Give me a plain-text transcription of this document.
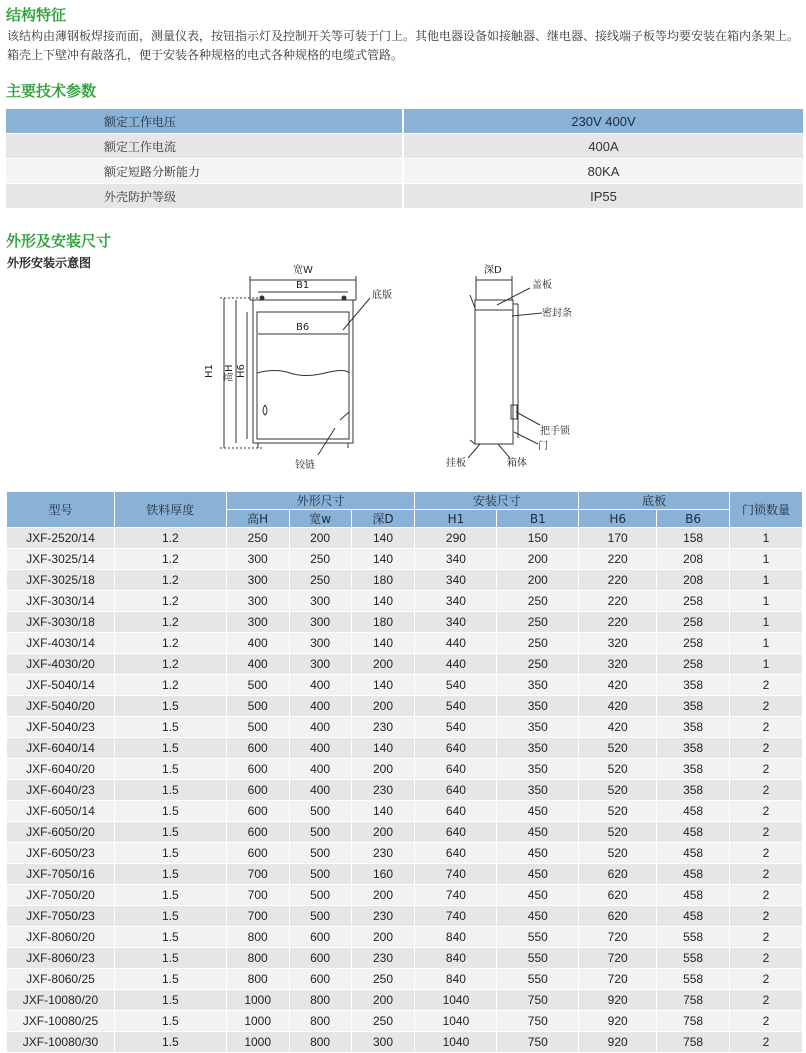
结构特征
该结构由薄钢板焊接而面，测量仪表，按钮指示灯及控制开关等可装于门上。其他电器设备如接触器、继电器、接线端子板等均要安装在箱内条架上。箱壳上下壁冲有敲落孔，便于安装各种规格的电式各种规格的电缆式管路。
主要技术参数
额定工作电压	230V 400V
额定工作电流	400A
额定短路分断能力	80KA
外壳防护等级	IP55
外形及安装尺寸
外形安装示意图
宽W
B1
B6
H1 高H H6
底版
铰链
深D
盖板
密封条
把手锁
门
挂板	箱体
型号	铁料厚度	外形尺寸			安装尺寸		底板		门锁数量
		高H	宽w	深D	H1	B1	H6	B6	
JXF-2520/14	1.2	250	200	140	290	150	170	158	1
JXF-3025/14	1.2	300	250	140	340	200	220	208	1
JXF-3025/18	1.2	300	250	180	340	200	220	208	1
JXF-3030/14	1.2	300	300	140	340	250	220	258	1
JXF-3030/18	1.2	300	300	180	340	250	220	258	1
JXF-4030/14	1.2	400	300	140	440	250	320	258	1
JXF-4030/20	1.2	400	300	200	440	250	320	258	1
JXF-5040/14	1.2	500	400	140	540	350	420	358	2
JXF-5040/20	1.5	500	400	200	540	350	420	358	2
JXF-5040/23	1.5	500	400	230	540	350	420	358	2
JXF-6040/14	1.5	600	400	140	640	350	520	358	2
JXF-6040/20	1.5	600	400	200	640	350	520	358	2
JXF-6040/23	1.5	600	400	230	640	350	520	358	2
JXF-6050/14	1.5	600	500	140	640	450	520	458	2
JXF-6050/20	1.5	600	500	200	640	450	520	458	2
JXF-6050/23	1.5	600	500	230	640	450	520	458	2
JXF-7050/16	1.5	700	500	160	740	450	620	458	2
JXF-7050/20	1.5	700	500	200	740	450	620	458	2
JXF-7050/23	1.5	700	500	230	740	450	620	458	2
JXF-8060/20	1.5	800	600	200	840	550	720	558	2
JXF-8060/23	1.5	800	600	230	840	550	720	558	2
JXF-8060/25	1.5	800	600	250	840	550	720	558	2
JXF-10080/20	1.5	1000	800	200	1040	750	920	758	2
JXF-10080/25	1.5	1000	800	250	1040	750	920	758	2
JXF-10080/30	1.5	1000	800	300	1040	750	920	758	2
